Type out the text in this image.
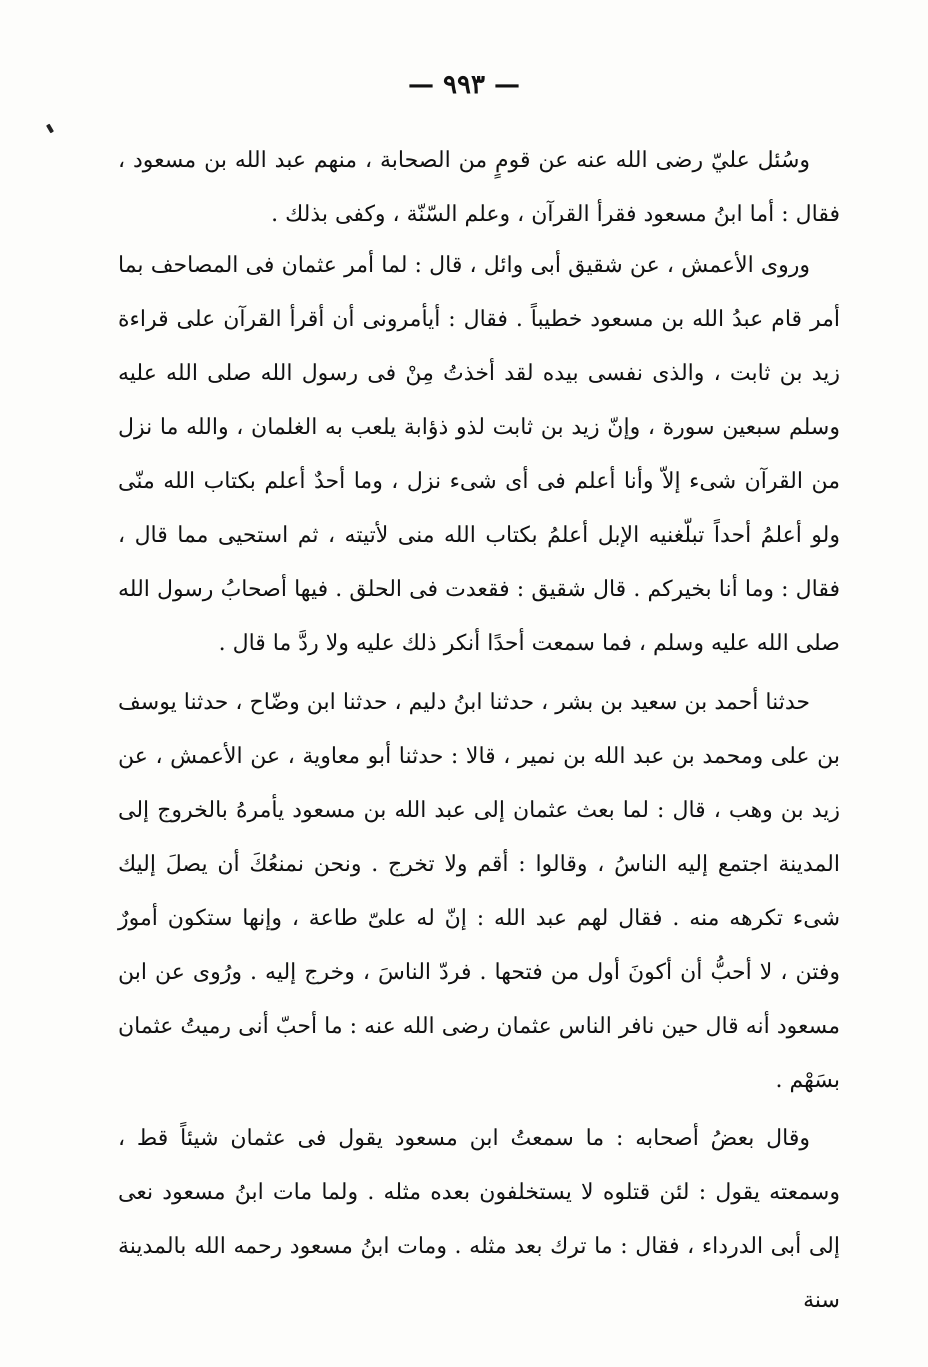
— ٩٩٣ —

وسُئل عليّ رضى الله عنه عن قومٍ من الصحابة ، منهم عبد الله بن مسعود ، فقال : أما ابنُ مسعود فقرأ القرآن ، وعلم السّنّة ، وكفى بذلك .

وروى الأعمش ، عن شقيق أبى وائل ، قال : لما أمر عثمان فى المصاحف بما أمر قام عبدُ الله بن مسعود خطيباً . فقال : أيأمرونى أن أقرأ القرآن على قراءة زيد بن ثابت ، والذى نفسى بيده لقد أخذتُ مِنْ فى رسول الله صلى الله عليه وسلم سبعين سورة ، وإنّ زيد بن ثابت لذو ذؤابة يلعب به الغلمان ، والله ما نزل من القرآن شىء إلاّ وأنا أعلم فى أى شىء نزل ، وما أحدٌ أعلم بكتاب الله منّى ولو أعلمُ أحداً تبلّغنيه الإبل أعلمُ بكتاب الله منى لأتيته ، ثم استحيى مما قال ، فقال : وما أنا بخيركم . قال شقيق : فقعدت فى الحلق . فيها أصحابُ رسول الله صلى الله عليه وسلم ، فما سمعت أحدًا أنكر ذلك عليه ولا ردَّ ما قال .

حدثنا أحمد بن سعيد بن بشر ، حدثنا ابنُ دليم ، حدثنا ابن وضّاح ، حدثنا يوسف بن على ومحمد بن عبد الله بن نمير ، قالا : حدثنا أبو معاوية ، عن الأعمش ، عن زيد بن وهب ، قال : لما بعث عثمان إلى عبد الله بن مسعود يأمرهُ بالخروج إلى المدينة اجتمع إليه الناسُ ، وقالوا : أقم ولا تخرج . ونحن نمنعُكَ أن يصلَ إليك شىء تكرهه منه . فقال لهم عبد الله : إنّ له علىّ طاعة ، وإنها ستكون أمورٌ وفتن ، لا أحبُّ أن أكونَ أول من فتحها . فردّ الناسَ ، وخرج إليه . ورُوى عن ابن مسعود أنه قال حين نافر الناس عثمان رضى الله عنه : ما أحبّ أنى رميتُ عثمان بسَهْم .

وقال بعضُ أصحابه : ما سمعتُ ابن مسعود يقول فى عثمان شيئاً قط ، وسمعته يقول : لئن قتلوه لا يستخلفون بعده مثله . ولما مات ابنُ مسعود نعى إلى أبى الدرداء ، فقال : ما ترك بعد مثله . ومات ابنُ مسعود رحمه الله بالمدينة سنة
